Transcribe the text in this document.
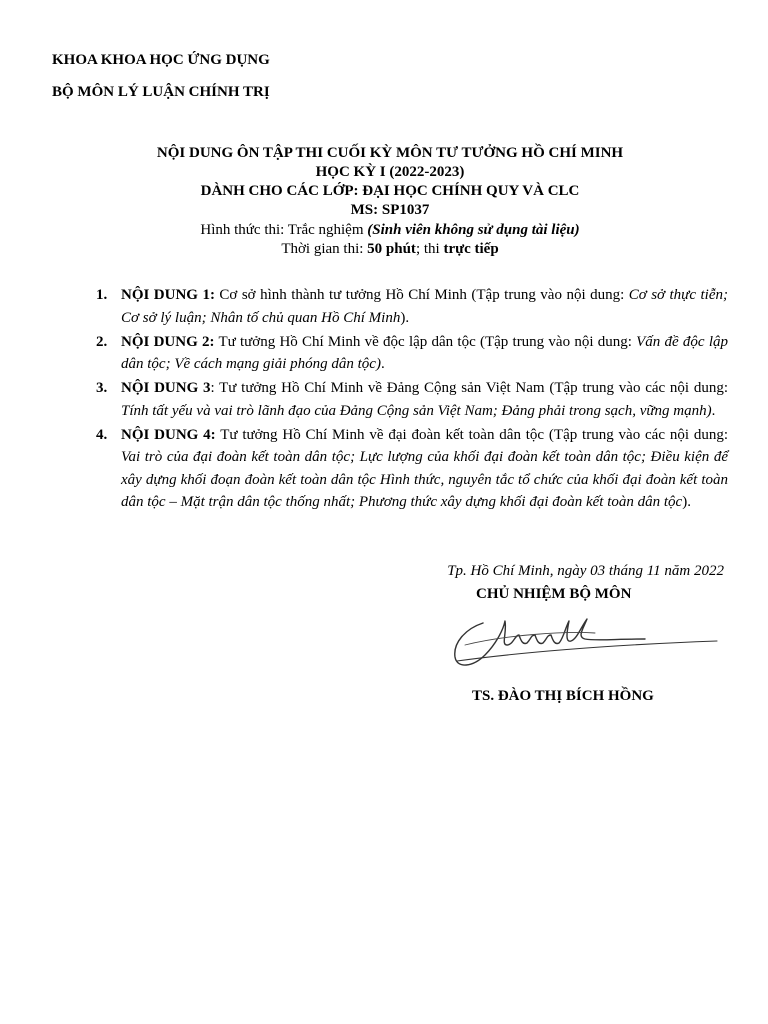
KHOA KHOA HỌC ỨNG DỤNG
BỘ MÔN LÝ LUẬN CHÍNH TRỊ
NỘI DUNG ÔN TẬP THI CUỐI KỲ MÔN TƯ TƯỞNG HỒ CHÍ MINH
HỌC KỲ I (2022-2023)
DÀNH CHO CÁC LỚP: ĐẠI HỌC CHÍNH QUY VÀ CLC
MS: SP1037
Hình thức thi: Trắc nghiệm (Sinh viên không sử dụng tài liệu)
Thời gian thi: 50 phút; thi trực tiếp
1. NỘI DUNG 1: Cơ sở hình thành tư tưởng Hồ Chí Minh (Tập trung vào nội dung: Cơ sở thực tiễn; Cơ sở lý luận; Nhân tố chủ quan Hồ Chí Minh).
2. NỘI DUNG 2: Tư tưởng Hồ Chí Minh về độc lập dân tộc (Tập trung vào nội dung: Vấn đề độc lập dân tộc; Về cách mạng giải phóng dân tộc).
3. NỘI DUNG 3: Tư tưởng Hồ Chí Minh về Đảng Cộng sản Việt Nam (Tập trung vào các nội dung: Tính tất yếu và vai trò lãnh đạo của Đảng Cộng sản Việt Nam; Đảng phải trong sạch, vững mạnh).
4. NỘI DUNG 4: Tư tưởng Hồ Chí Minh về đại đoàn kết toàn dân tộc (Tập trung vào các nội dung: Vai trò của đại đoàn kết toàn dân tộc; Lực lượng của khối đại đoàn kết toàn dân tộc; Điều kiện để xây dựng khối đoạn đoàn kết toàn dân tộc Hình thức, nguyên tắc tổ chức của khối đại đoàn kết toàn dân tộc – Mặt trận dân tộc thống nhất; Phương thức xây dựng khối đại đoàn kết toàn dân tộc).
Tp. Hồ Chí Minh, ngày 03 tháng 11 năm 2022
CHỦ NHIỆM BỘ MÔN
TS. ĐÀO THỊ BÍCH HỒNG
